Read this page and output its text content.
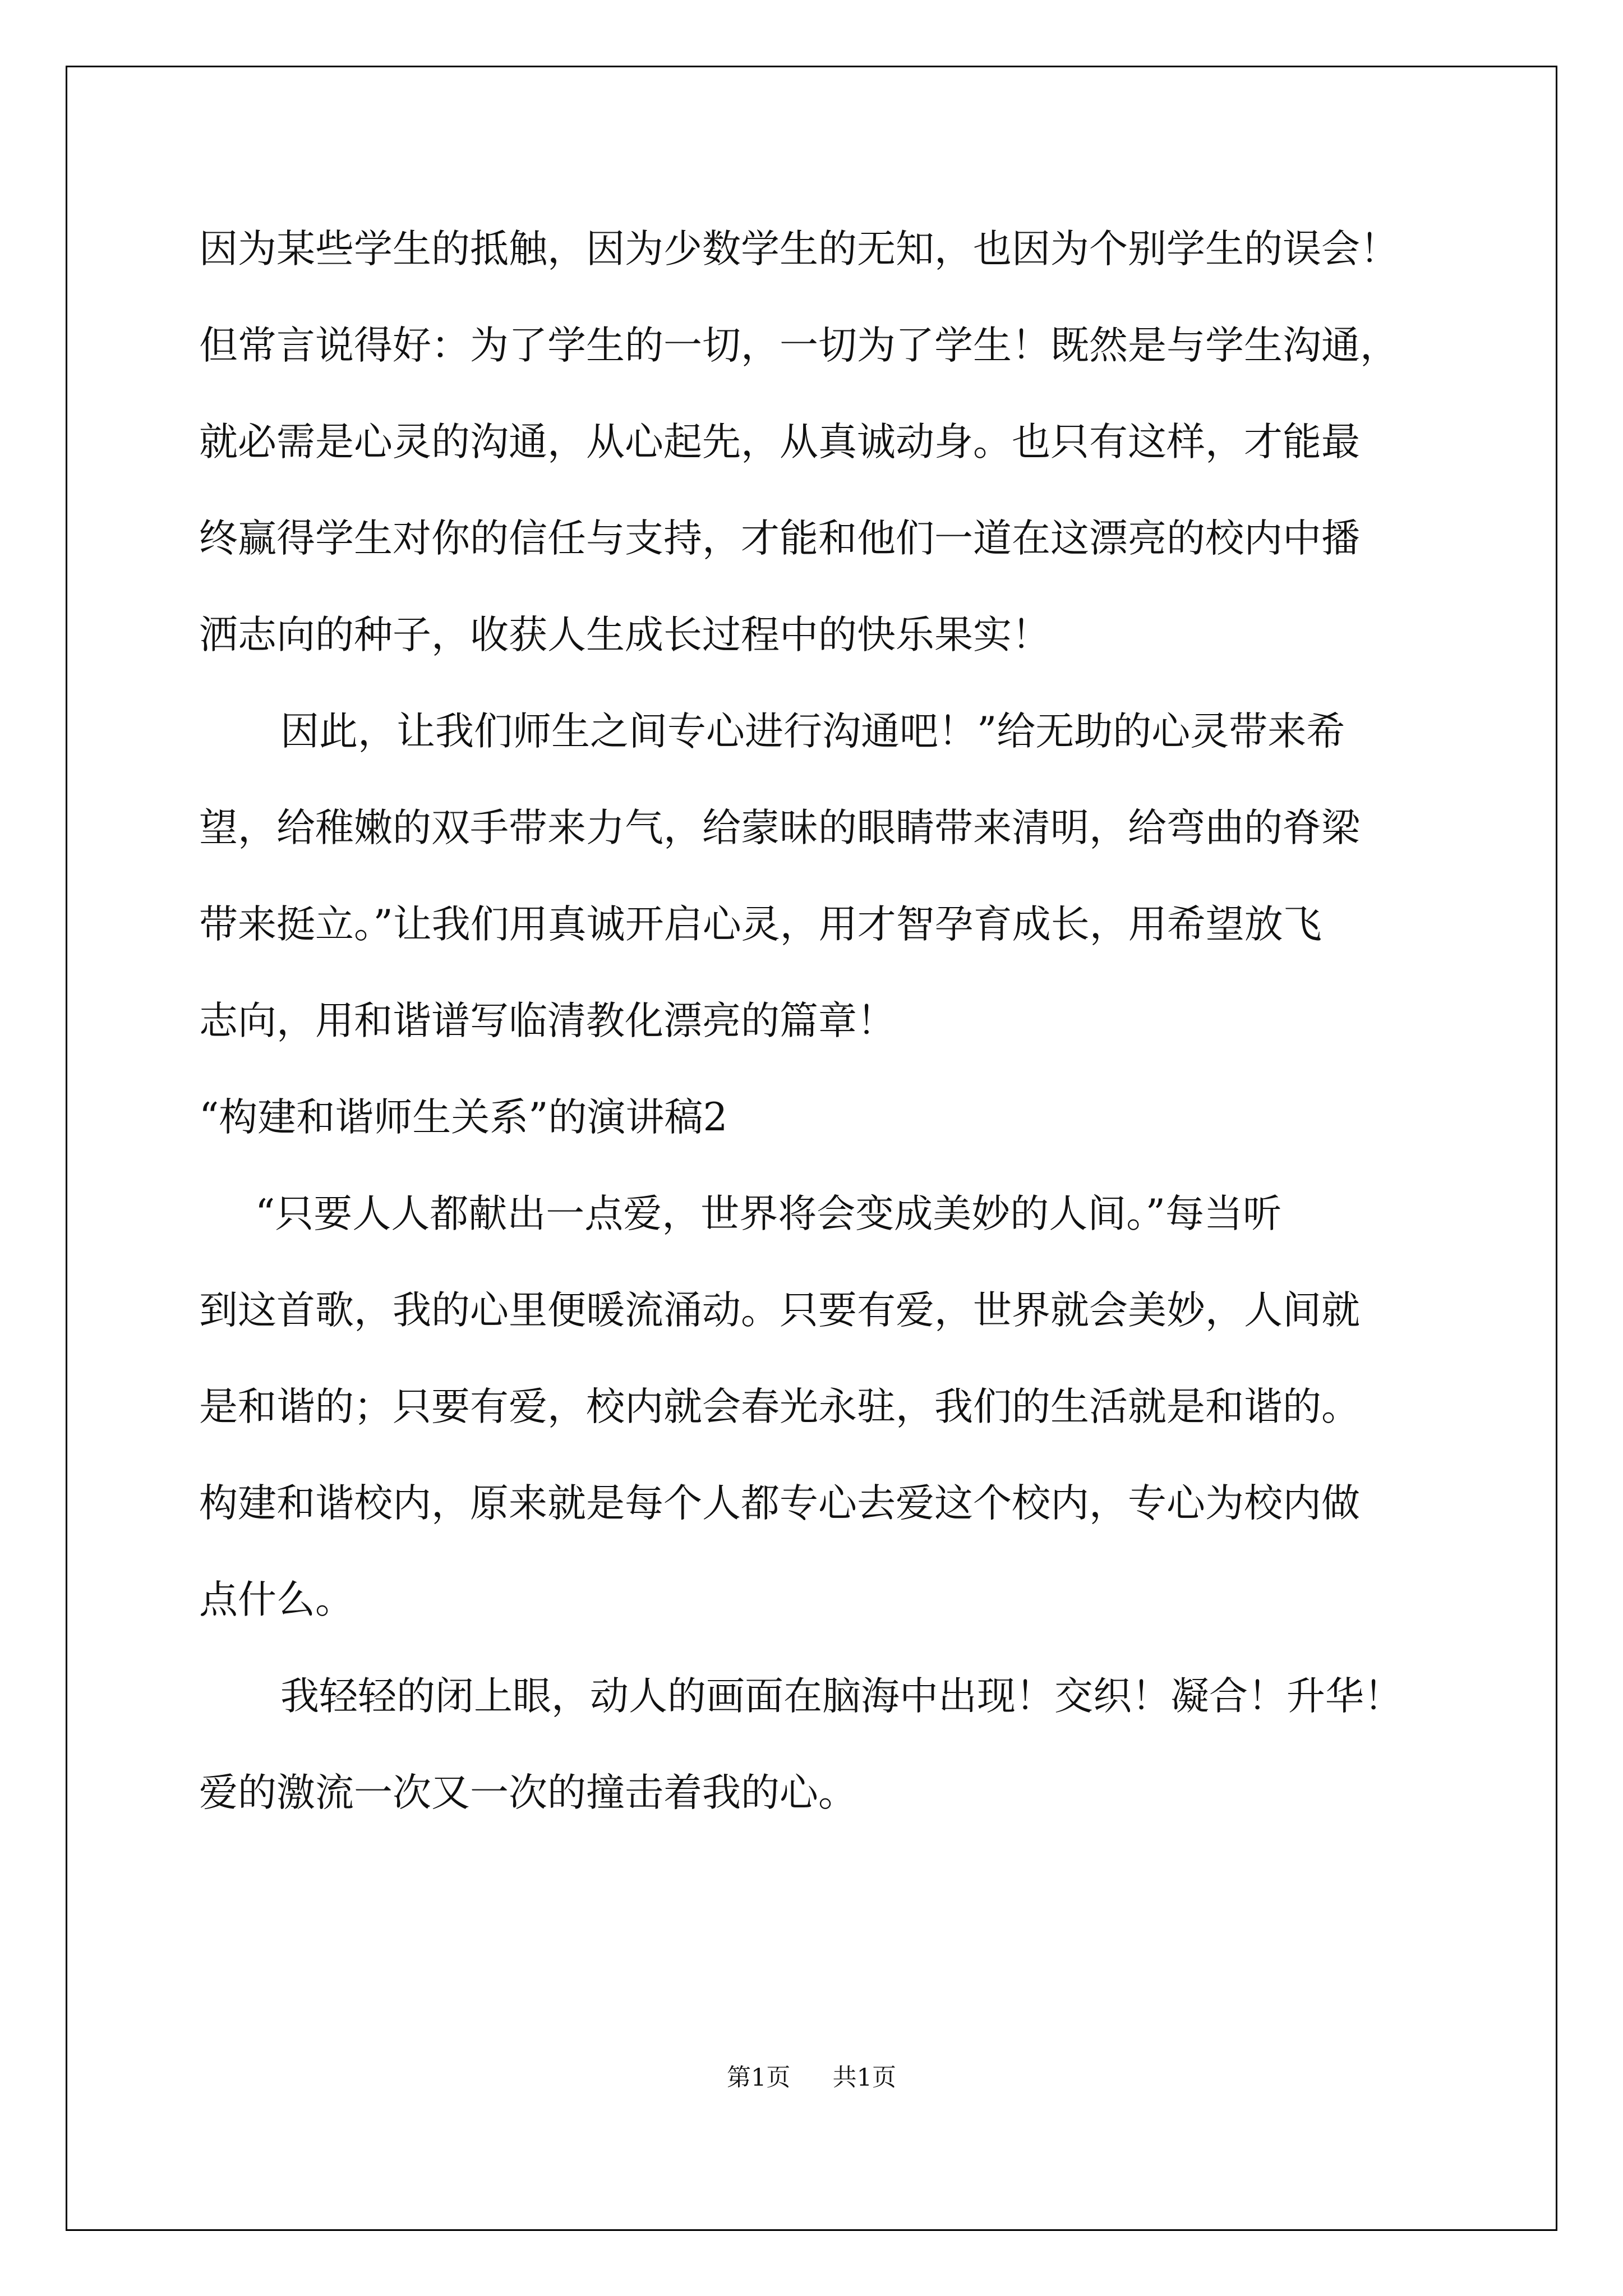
因为某些学生的抵触，因为少数学生的无知，也因为个别学生的误会！
但常言说得好：为了学生的一切，一切为了学生！既然是与学生沟通，
就必需是心灵的沟通，从心起先，从真诚动身。也只有这样，才能最
终赢得学生对你的信任与支持，才能和他们一道在这漂亮的校内中播
洒志向的种子，收获人生成长过程中的快乐果实！
因此，让我们师生之间专心进行沟通吧！”给无助的心灵带来希
望，给稚嫩的双手带来力气，给蒙昧的眼睛带来清明，给弯曲的脊梁
带来挺立。”让我们用真诚开启心灵，用才智孕育成长，用希望放飞
志向，用和谐谱写临清教化漂亮的篇章！
“构建和谐师生关系”的演讲稿2
“只要人人都献出一点爱，世界将会变成美妙的人间。”每当听
到这首歌，我的心里便暖流涌动。只要有爱，世界就会美妙，人间就
是和谐的；只要有爱，校内就会春光永驻，我们的生活就是和谐的。
构建和谐校内，原来就是每个人都专心去爱这个校内，专心为校内做
点什么。
我轻轻的闭上眼，动人的画面在脑海中出现！交织！凝合！升华！
爱的激流一次又一次的撞击着我的心。
第1页 共1页
